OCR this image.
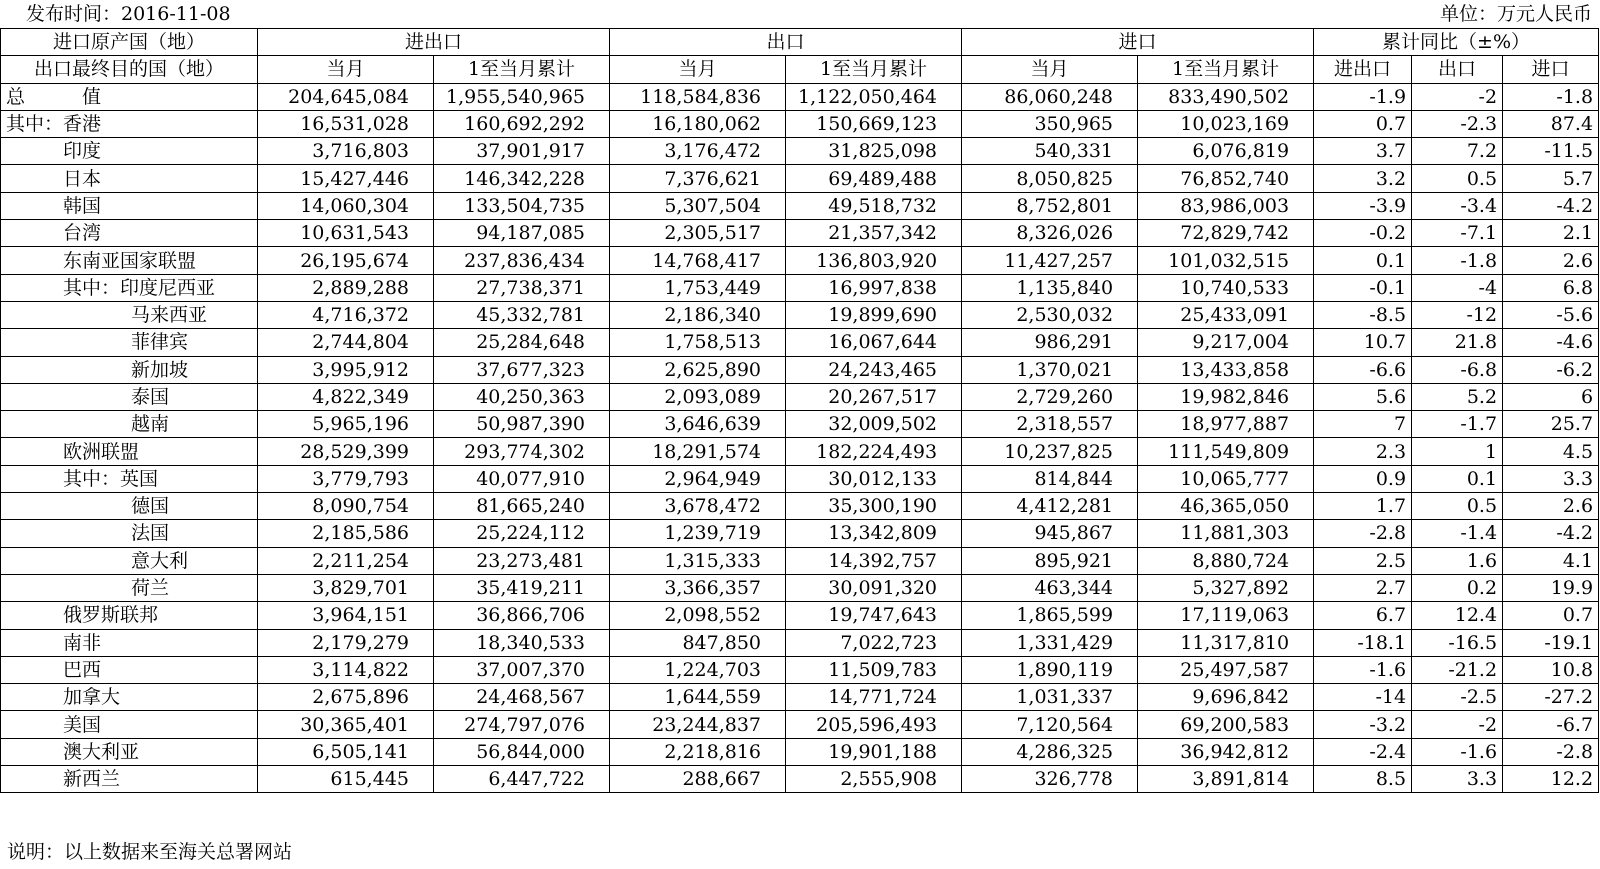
发布时间：2016-11-08	单位：万元人民币
进口原产国（地）	进出口		出口		进口		累计同比（±%）		
出口最终目的国（地）	当月	1至当月累计	当月	1至当月累计	当月	1至当月累计	进出口	出口	进口
总　　　值	204,645,084	1,955,540,965	118,584,836	1,122,050,464	86,060,248	833,490,502	-1.9	-2	-1.8
其中：香港	16,531,028	160,692,292	16,180,062	150,669,123	350,965	10,023,169	0.7	-2.3	87.4
印度	3,716,803	37,901,917	3,176,472	31,825,098	540,331	6,076,819	3.7	7.2	-11.5
日本	15,427,446	146,342,228	7,376,621	69,489,488	8,050,825	76,852,740	3.2	0.5	5.7
韩国	14,060,304	133,504,735	5,307,504	49,518,732	8,752,801	83,986,003	-3.9	-3.4	-4.2
台湾	10,631,543	94,187,085	2,305,517	21,357,342	8,326,026	72,829,742	-0.2	-7.1	2.1
东南亚国家联盟	26,195,674	237,836,434	14,768,417	136,803,920	11,427,257	101,032,515	0.1	-1.8	2.6
其中：印度尼西亚	2,889,288	27,738,371	1,753,449	16,997,838	1,135,840	10,740,533	-0.1	-4	6.8
马来西亚	4,716,372	45,332,781	2,186,340	19,899,690	2,530,032	25,433,091	-8.5	-12	-5.6
菲律宾	2,744,804	25,284,648	1,758,513	16,067,644	986,291	9,217,004	10.7	21.8	-4.6
新加坡	3,995,912	37,677,323	2,625,890	24,243,465	1,370,021	13,433,858	-6.6	-6.8	-6.2
泰国	4,822,349	40,250,363	2,093,089	20,267,517	2,729,260	19,982,846	5.6	5.2	6
越南	5,965,196	50,987,390	3,646,639	32,009,502	2,318,557	18,977,887	7	-1.7	25.7
欧洲联盟	28,529,399	293,774,302	18,291,574	182,224,493	10,237,825	111,549,809	2.3	1	4.5
其中：英国	3,779,793	40,077,910	2,964,949	30,012,133	814,844	10,065,777	0.9	0.1	3.3
德国	8,090,754	81,665,240	3,678,472	35,300,190	4,412,281	46,365,050	1.7	0.5	2.6
法国	2,185,586	25,224,112	1,239,719	13,342,809	945,867	11,881,303	-2.8	-1.4	-4.2
意大利	2,211,254	23,273,481	1,315,333	14,392,757	895,921	8,880,724	2.5	1.6	4.1
荷兰	3,829,701	35,419,211	3,366,357	30,091,320	463,344	5,327,892	2.7	0.2	19.9
俄罗斯联邦	3,964,151	36,866,706	2,098,552	19,747,643	1,865,599	17,119,063	6.7	12.4	0.7
南非	2,179,279	18,340,533	847,850	7,022,723	1,331,429	11,317,810	-18.1	-16.5	-19.1
巴西	3,114,822	37,007,370	1,224,703	11,509,783	1,890,119	25,497,587	-1.6	-21.2	10.8
加拿大	2,675,896	24,468,567	1,644,559	14,771,724	1,031,337	9,696,842	-14	-2.5	-27.2
美国	30,365,401	274,797,076	23,244,837	205,596,493	7,120,564	69,200,583	-3.2	-2	-6.7
澳大利亚	6,505,141	56,844,000	2,218,816	19,901,188	4,286,325	36,942,812	-2.4	-1.6	-2.8
新西兰	615,445	6,447,722	288,667	2,555,908	326,778	3,891,814	8.5	3.3	12.2
说明：以上数据来至海关总署网站
